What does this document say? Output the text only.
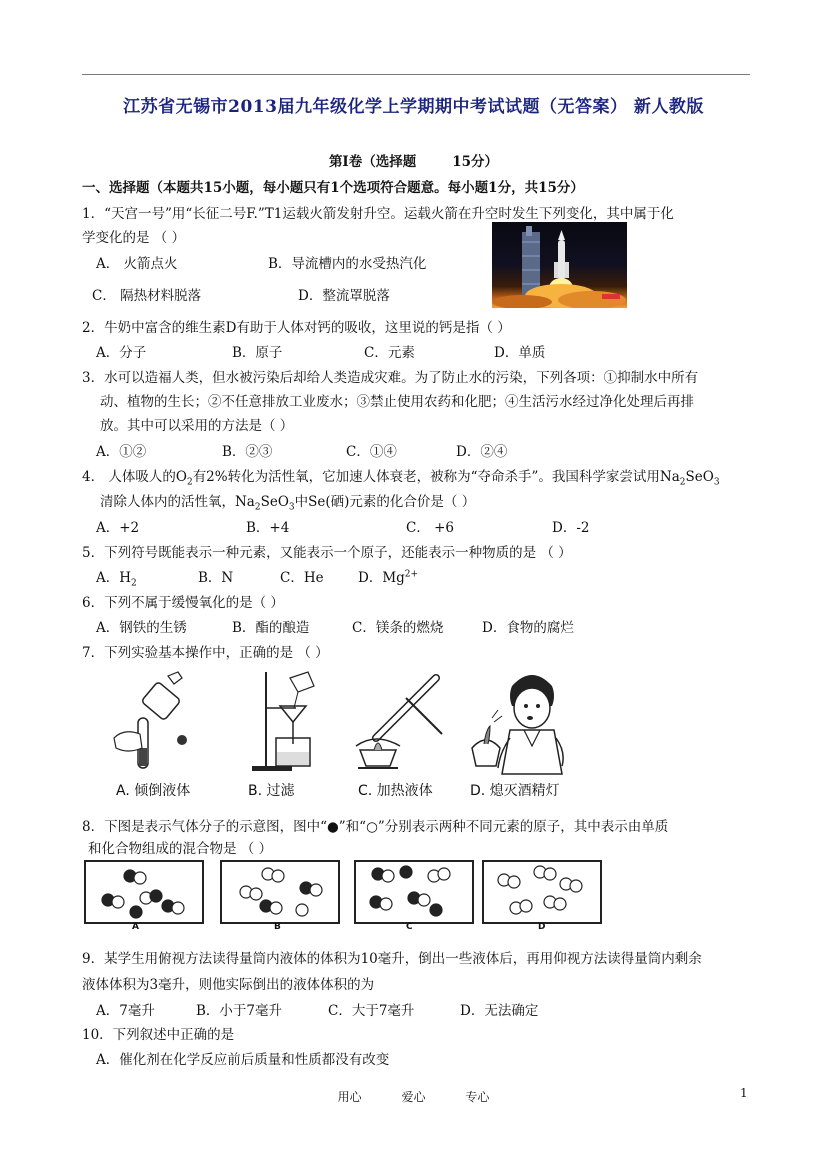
江苏省无锡市2013届九年级化学上学期期中考试试题（无答案） 新人教版
第Ⅰ卷（选择题	15分）
一、选择题（本题共15小题，每小题只有1个选项符合题意。每小题1分，共15分）
1．“天宫一号”用“长征二号F.”T1运载火箭发射升空。运载火箭在升空时发生下列变化，其中属于化
学变化的是 （ ）
A． 火箭点火	B．导流槽内的水受热汽化
C． 隔热材料脱落	D．整流罩脱落
2．牛奶中富含的维生素D有助于人体对钙的吸收，这里说的钙是指（ ）
A．分子	B．原子	C．元素	D．单质
3．水可以造福人类，但水被污染后却给人类造成灾难。为了防止水的污染，下列各项：①抑制水中所有
动、植物的生长；②不任意排放工业废水；③禁止使用农药和化肥；④生活污水经过净化处理后再排
放。其中可以采用的方法是（ ）
A．①②	B．②③	C．①④	D．②④
4． 人体吸人的$O_2$有2%转化为活性氧，它加速人体衰老，被称为“夺命杀手”。我国科学家尝试用$Na_2SeO_3$
清除人体内的活性氧，$Na_2SeO_3$中Se(硒)元素的化合价是（ ）
A．+2	B．+4	C． +6	D．-2
5．下列符号既能表示一种元素，又能表示一个原子，还能表示一种物质的是 （ ）
A．$H_2$	B．N	C．He	D．$Mg^{2+}$
6．下列不属于缓慢氧化的是（ ）
A．钢铁的生锈	B．酯的酿造	C．镁条的燃烧	D．食物的腐烂
7．下列实验基本操作中，正确的是 （ ）
A. 倾倒液体	B. 过滤	C. 加热液体	D. 熄灭酒精灯
8．下图是表示气体分子的示意图，图中“●”和“○”分别表示两种不同元素的原子，其中表示由单质
和化合物组成的混合物是 （ ）
A	B	C	D
9．某学生用俯视方法读得量筒内液体的体积为10毫升，倒出一些液体后，再用仰视方法读得量筒内剩余
液体体积为3毫升，则他实际倒出的液体体积的为
A．7毫升	B．小于7毫升	C．大于7毫升	D．无法确定
10．下列叙述中正确的是
A．催化剂在化学反应前后质量和性质都没有改变
用心	爱心	专心	1
